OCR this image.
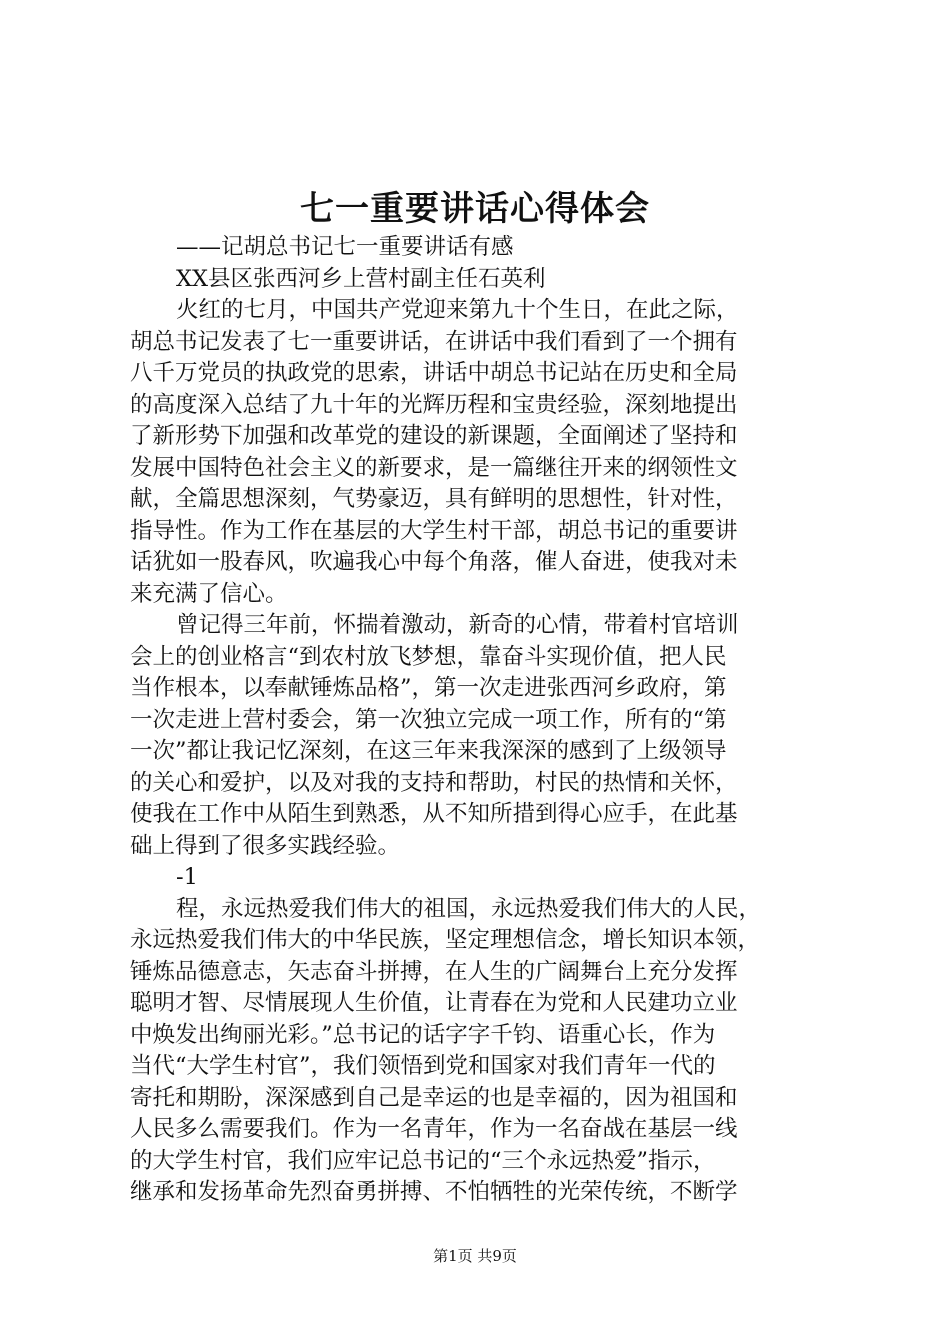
七一重要讲话心得体会
——记胡总书记七一重要讲话有感
XX县区张西河乡上营村副主任石英利
火红的七月，中国共产党迎来第九十个生日，在此之际，
胡总书记发表了七一重要讲话，在讲话中我们看到了一个拥有
八千万党员的执政党的思索，讲话中胡总书记站在历史和全局
的高度深入总结了九十年的光辉历程和宝贵经验，深刻地提出
了新形势下加强和改革党的建设的新课题，全面阐述了坚持和
发展中国特色社会主义的新要求，是一篇继往开来的纲领性文
献，全篇思想深刻，气势豪迈，具有鲜明的思想性，针对性，
指导性。作为工作在基层的大学生村干部，胡总书记的重要讲
话犹如一股春风，吹遍我心中每个角落，催人奋进，使我对未
来充满了信心。
曾记得三年前，怀揣着激动，新奇的心情，带着村官培训
会上的创业格言“到农村放飞梦想，靠奋斗实现价值，把人民
当作根本，以奉献锤炼品格”，第一次走进张西河乡政府，第
一次走进上营村委会，第一次独立完成一项工作，所有的“第
一次”都让我记忆深刻，在这三年来我深深的感到了上级领导
的关心和爱护，以及对我的支持和帮助，村民的热情和关怀，
使我在工作中从陌生到熟悉，从不知所措到得心应手，在此基
础上得到了很多实践经验。
-1
程，永远热爱我们伟大的祖国，永远热爱我们伟大的人民，
永远热爱我们伟大的中华民族，坚定理想信念，增长知识本领，
锤炼品德意志，矢志奋斗拼搏，在人生的广阔舞台上充分发挥
聪明才智、尽情展现人生价值，让青春在为党和人民建功立业
中焕发出绚丽光彩。”总书记的话字字千钧、语重心长，作为
当代“大学生村官”，我们领悟到党和国家对我们青年一代的
寄托和期盼，深深感到自己是幸运的也是幸福的，因为祖国和
人民多么需要我们。作为一名青年，作为一名奋战在基层一线
的大学生村官，我们应牢记总书记的“三个永远热爱”指示，
继承和发扬革命先烈奋勇拼搏、不怕牺牲的光荣传统，不断学
第1页 共9页
